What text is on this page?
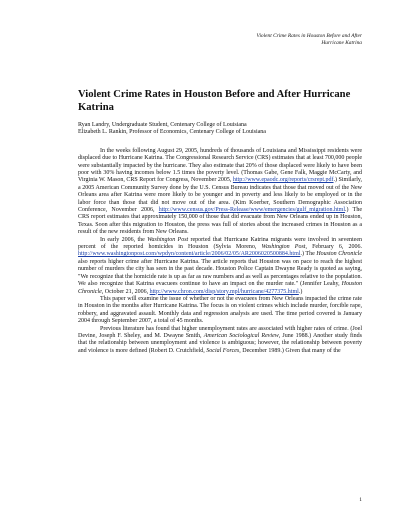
Violent Crime Rates in Houston Before and After
Hurricane Katrina
Violent Crime Rates in Houston Before and After Hurricane Katrina
Ryan Landry, Undergraduate Student, Centenary College of Louisiana
Elizabeth L. Rankin, Professor of Economics, Centenary College of Louisiana

In the weeks following August 29, 2005, hundreds of thousands of Louisiana and Mississippi residents were displaced due to Hurricane Katrina. The Congressional Research Service (CRS) estimates that at least 700,000 people were substantially impacted by the hurricane. They also estimate that 20% of those displaced were likely to have been poor with 30% having incomes below 1.5 times the poverty level. (Thomas Gabe, Gene Falk, Maggie McCarty, and Virginia W. Mason, CRS Report for Congress, November 2005, http://www.epaodc.org/reports/crsrept.pdf.) Similarly, a 2005 American Community Survey done by the U.S. Census Bureau indicates that those that moved out of the New Orleans area after Katrina were more likely to be younger and in poverty and less likely to be employed or in the labor force than those that did not move out of the area. (Kim Koerber, Southern Demographic Association Conference, November 2006, http://www.census.gov/Press-Release/www/emergencies/gulf_migration.html.) The CRS report estimates that approximately 150,000 of those that did evacuate from New Orleans ended up in Houston, Texas. Soon after this migration to Houston, the press was full of stories about the increased crimes in Houston as a result of the new residents from New Orleans.

In early 2006, the Washington Post reported that Hurricane Katrina migrants were involved in seventeen percent of the reported homicides in Houston (Sylvia Moreno, Washington Post, February 6, 2006. http://www.washingtonpost.com/wpdyn/content/article/2006/02/05/AR2006020500884.html.) The Houston Chronicle also reports higher crime after Hurricane Katrina. The article reports that Houston was on pace to reach the highest number of murders the city has seen in the past decade. Houston Police Captain Dwayne Ready is quoted as saying, "We recognize that the homicide rate is up as far as raw numbers and as well as percentages relative to the population. We also recognize that Katrina evacuees continue to have an impact on the murder rate." (Jennifer Leahy, Houston Chronicle, October 21, 2006, http://www.chron.com/disp/story.mpl/hurricane/4277375.html.)

This paper will examine the issue of whether or not the evacuees from New Orleans impacted the crime rate in Houston in the months after Hurricane Katrina. The focus is on violent crimes which include murder, forcible rape, robbery, and aggravated assault. Monthly data and regression analysis are used. The time period covered is January 2004 through September 2007, a total of 45 months.

Previous literature has found that higher unemployment rates are associated with higher rates of crime. (Joel Devine, Joseph F. Sheley, and M. Dwayne Smith, American Sociological Review, June 1988.) Another study finds that the relationship between unemployment and violence is ambiguous; however, the relationship between poverty and violence is more defined (Robert D. Crutchfield, Social Forces, December 1989.) Given that many of the

1
